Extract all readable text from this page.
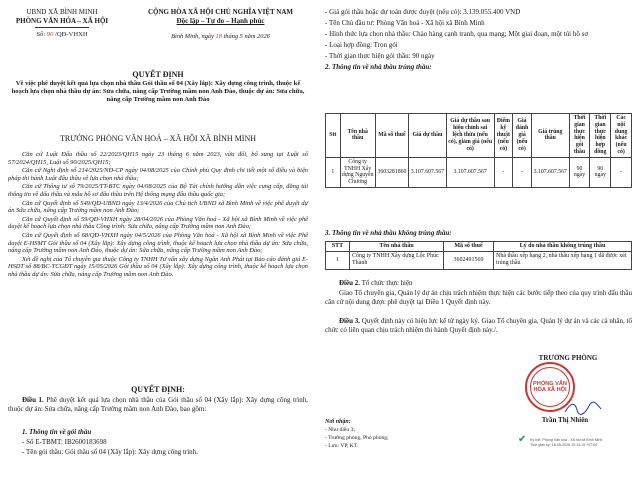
UBND XÃ BÌNH MINH
PHÒNG VĂN HÓA – XÃ HỘI
Số: 90 /QĐ-VHXH
CỘNG HÒA XÃ HỘI CHỦ NGHĨA VIỆT NAM
Độc lập – Tự do – Hạnh phúc
Bình Minh, ngày 18 tháng 5 năm 2026
QUYẾT ĐỊNH
Về việc phê duyệt kết quả lựa chọn nhà thầu Gói thầu số 04 (Xây lắp): Xây dựng công trình, thuộc kế hoạch lựa chọn nhà thầu dự án: Sửa chữa, nâng cấp Trường mầm non Anh Đào, thuộc dự án: Sửa chữa, nâng cấp Trường mầm non Anh Đào
TRƯỞNG PHÒNG VĂN HOÁ – XÃ HỘI XÃ BÌNH MINH

Căn cứ Luật Đấu thầu số 22/2023/QH15 ngày 23 tháng 6 năm 2023, vừa đổi, bổ sung tại Luật số 57/2024/QH15, Luật số 90/2025/QH15;

Căn cứ Nghị định số 214/2025/NĐ-CP ngày 04/08/2025 của Chính phủ Quy định chi tiết một số điều và biện pháp thi hành Luật đấu thầu về lựa chọn nhà thầu;

Căn cứ Thông tư số 79/2025/TT-BTC ngày 04/08/2025 của Bộ Tài chính hướng dẫn việc cung cấp, đăng tải thông tin về đấu thầu và mẫu hồ sơ đấu thầu trên Hệ thống mạng đấu thầu quốc gia;

Căn cứ Quyết định số 549/QĐ-UBND ngày 13/4/2026 của Chủ tịch UBND xã Bình Minh về việc phê duyệt dự án Sửa chữa, nâng cấp Trường mầm non Anh Đào;

Căn cứ Quyết định số 59/QĐ-VHXH ngày 28/04/2026 của Phòng Văn hoá - Xã hội xã Bình Minh về việc phê duyệt kế hoạch lựa chọn nhà thầu Công trình: Sửa chữa, nâng cấp Trường mầm non Anh Đào;

Căn cứ Quyết định số 68/QĐ-VHXH ngày 04/5/2026 của Phòng Văn hoá - Xã hội xã Bình Minh về việc Phê duyệt E-HSMT Gói thầu số 04 (Xây lắp): Xây dựng công trình, thuộc kế hoạch lựa chọn nhà thầu dự án: Sửa chữa, nâng cấp Trường mầm non Anh Đào, thuộc dự án: Sửa chữa, nâng cấp Trường mầm non Anh Đào;

Xét đề nghị của Tổ chuyên gia thuộc Công ty TNHH Tư vấn xây dựng Ngân Anh Phát tại Báo cáo đánh giá E-HSDT số 88/BC-TCGĐT ngày 15/05/2026 Gói thầu số 04 (Xây lắp): Xây dựng công trình, thuộc kế hoạch lựa chọn nhà thầu dự án: Sửa chữa, nâng cấp Trường mầm non Anh Đào.

QUYẾT ĐỊNH:

Điều 1. Phê duyệt kết quả lựa chọn nhà thầu của Gói thầu số 04 (Xây lắp): Xây dựng công trình, thuộc dự án: Sửa chữa, nâng cấp Trường mầm non Anh Đào, bao gồm:

1. Thông tin về gói thầu
- Số E-TBMT: IB2600183698
- Tên gói thầu: Gói thầu số 04 (Xây lắp): Xây dựng công trình.
- Giá gói thầu hoặc dự toán được duyệt (nếu có): 3.139.055.400 VND
- Tên Chủ đầu tư: Phòng Văn hoá - Xã hội xã Bình Minh
- Hình thức lựa chọn nhà thầu: Chào hàng cạnh tranh, qua mạng; Một giai đoạn, một túi hồ sơ
- Loại hợp đồng: Trọn gói
- Thời gian thực hiện gói thầu: 90 ngày
2. Thông tin về nhà thầu trúng thầu:
Stt	Tên nhà thầu	Mã số thuế	Giá dự thầu	Giá dự thầu sau hiệu chỉnh sai lệch thừa (nếu có), giảm giá (nếu có)	Điểm kỹ thuật (nếu có)	Giá đánh giá (nếu có)	Giá trúng thầu	Thời gian thực hiện gói thầu	Thời gian thực hiện hợp đồng	Các nội dung khác (nếu có)
1	Công ty TNHH Xây dựng Nguyễn Chương	3603281860	3.107.607.567	3.107.607.567	-	-	3.107.607.567	90 ngày	90 ngày	-
3. Thông tin về nhà thầu không trúng thầu:
STT	Tên nhà thầu	Mã số thuế	Lý do nhà thầu không trúng thầu
1	Công ty TNHH Xây dựng Lộc Phúc Thành	3602491569	Nhà thầu xếp hạng 2, nhà thầu xếp hạng 1 đã được xét trúng thầu
Điều 2. Tổ chức thực hiện
Giao Tổ chuyên gia, Quản lý dự án chịu trách nhiệm thực hiện các bước tiếp theo của quy trình đấu thầu căn cứ nội dung được phê duyệt tại Điều 1 Quyết định này.
Điều 3. Quyết định này có hiệu lực kể từ ngày ký. Giao Tổ chuyên gia, Quản lý dự án và các cá nhân, tổ chức có liên quan chịu trách nhiệm thi hành Quyết định này./.
Nơi nhận:
- Như điều 3;
- Trưởng phòng, Phó phòng;
- Lưu: VP, KT.
TRƯỞNG PHÒNG
PHÒNG VĂN HÓA XÃ HỘI
Trần Thị Nhiên
✔ Ký bởi: Phòng Văn hóa - Xã hội xã Bình Minh
Thời gian ký: 18-05-2026 10:14:19 +07:00
